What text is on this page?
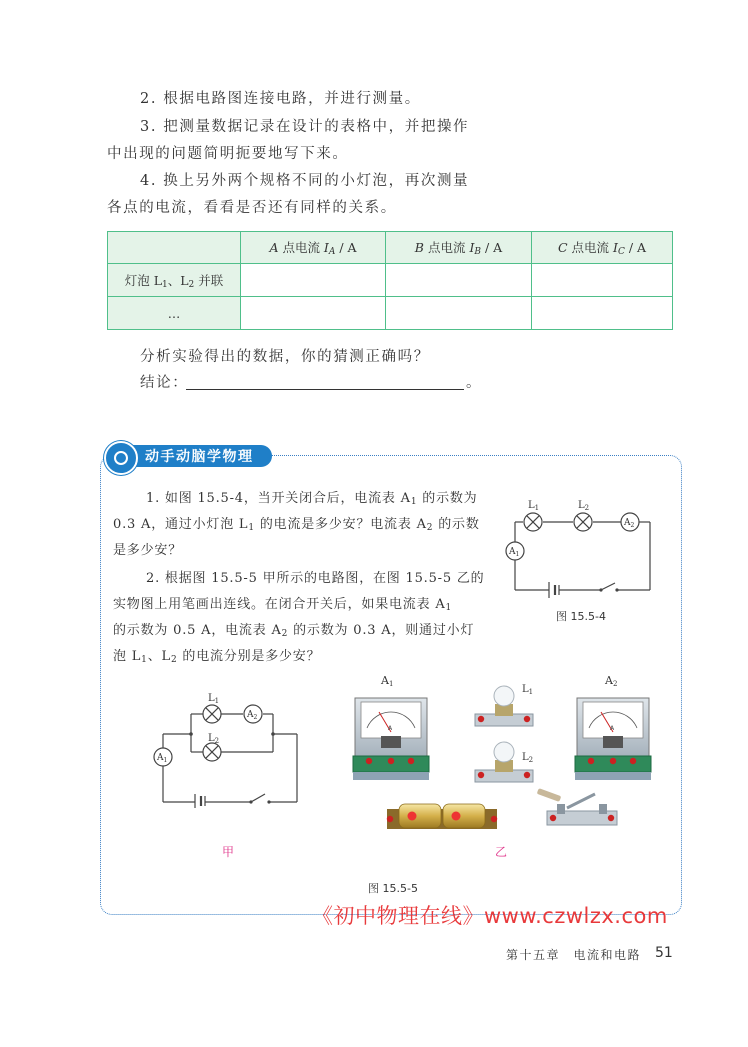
2. 根据电路图连接电路，并进行测量。
3. 把测量数据记录在设计的表格中，并把操作
中出现的问题简明扼要地写下来。
4. 换上另外两个规格不同的小灯泡，再次测量
各点的电流，看看是否还有同样的关系。
	A 点电流 $I_A$ / A	B 点电流 $I_B$ / A	C 点电流 $I_C$ / A
灯泡 $L_1$、$L_2$ 并联			
…			
分析实验得出的数据，你的猜测正确吗？
结论：	。
动手动脑学物理
1. 如图 15.5-4，当开关闭合后，电流表 $A_1$ 的示数为
0.3 A，通过小灯泡 $L_1$ 的电流是多少安？电流表 $A_2$ 的示数
是多少安？
2. 根据图 15.5-5 甲所示的电路图，在图 15.5-5 乙的
实物图上用笔画出连线。在闭合开关后，如果电流表 $A_1$
的示数为 0.5 A，电流表 $A_2$ 的示数为 0.3 A，则通过小灯
泡 $L_1$、$L_2$ 的电流分别是多少安？
$L_1$	$L_2$
$A_2$
$A_1$
图 15.5-4
$L_1$
$L_2$
$A_2$
$A_1$
甲
A
A1
A
A2
$L_1$
$L_2$
乙
图 15.5-5
《初中物理在线》www.czwlzx.com
第十五章　电流和电路 51
